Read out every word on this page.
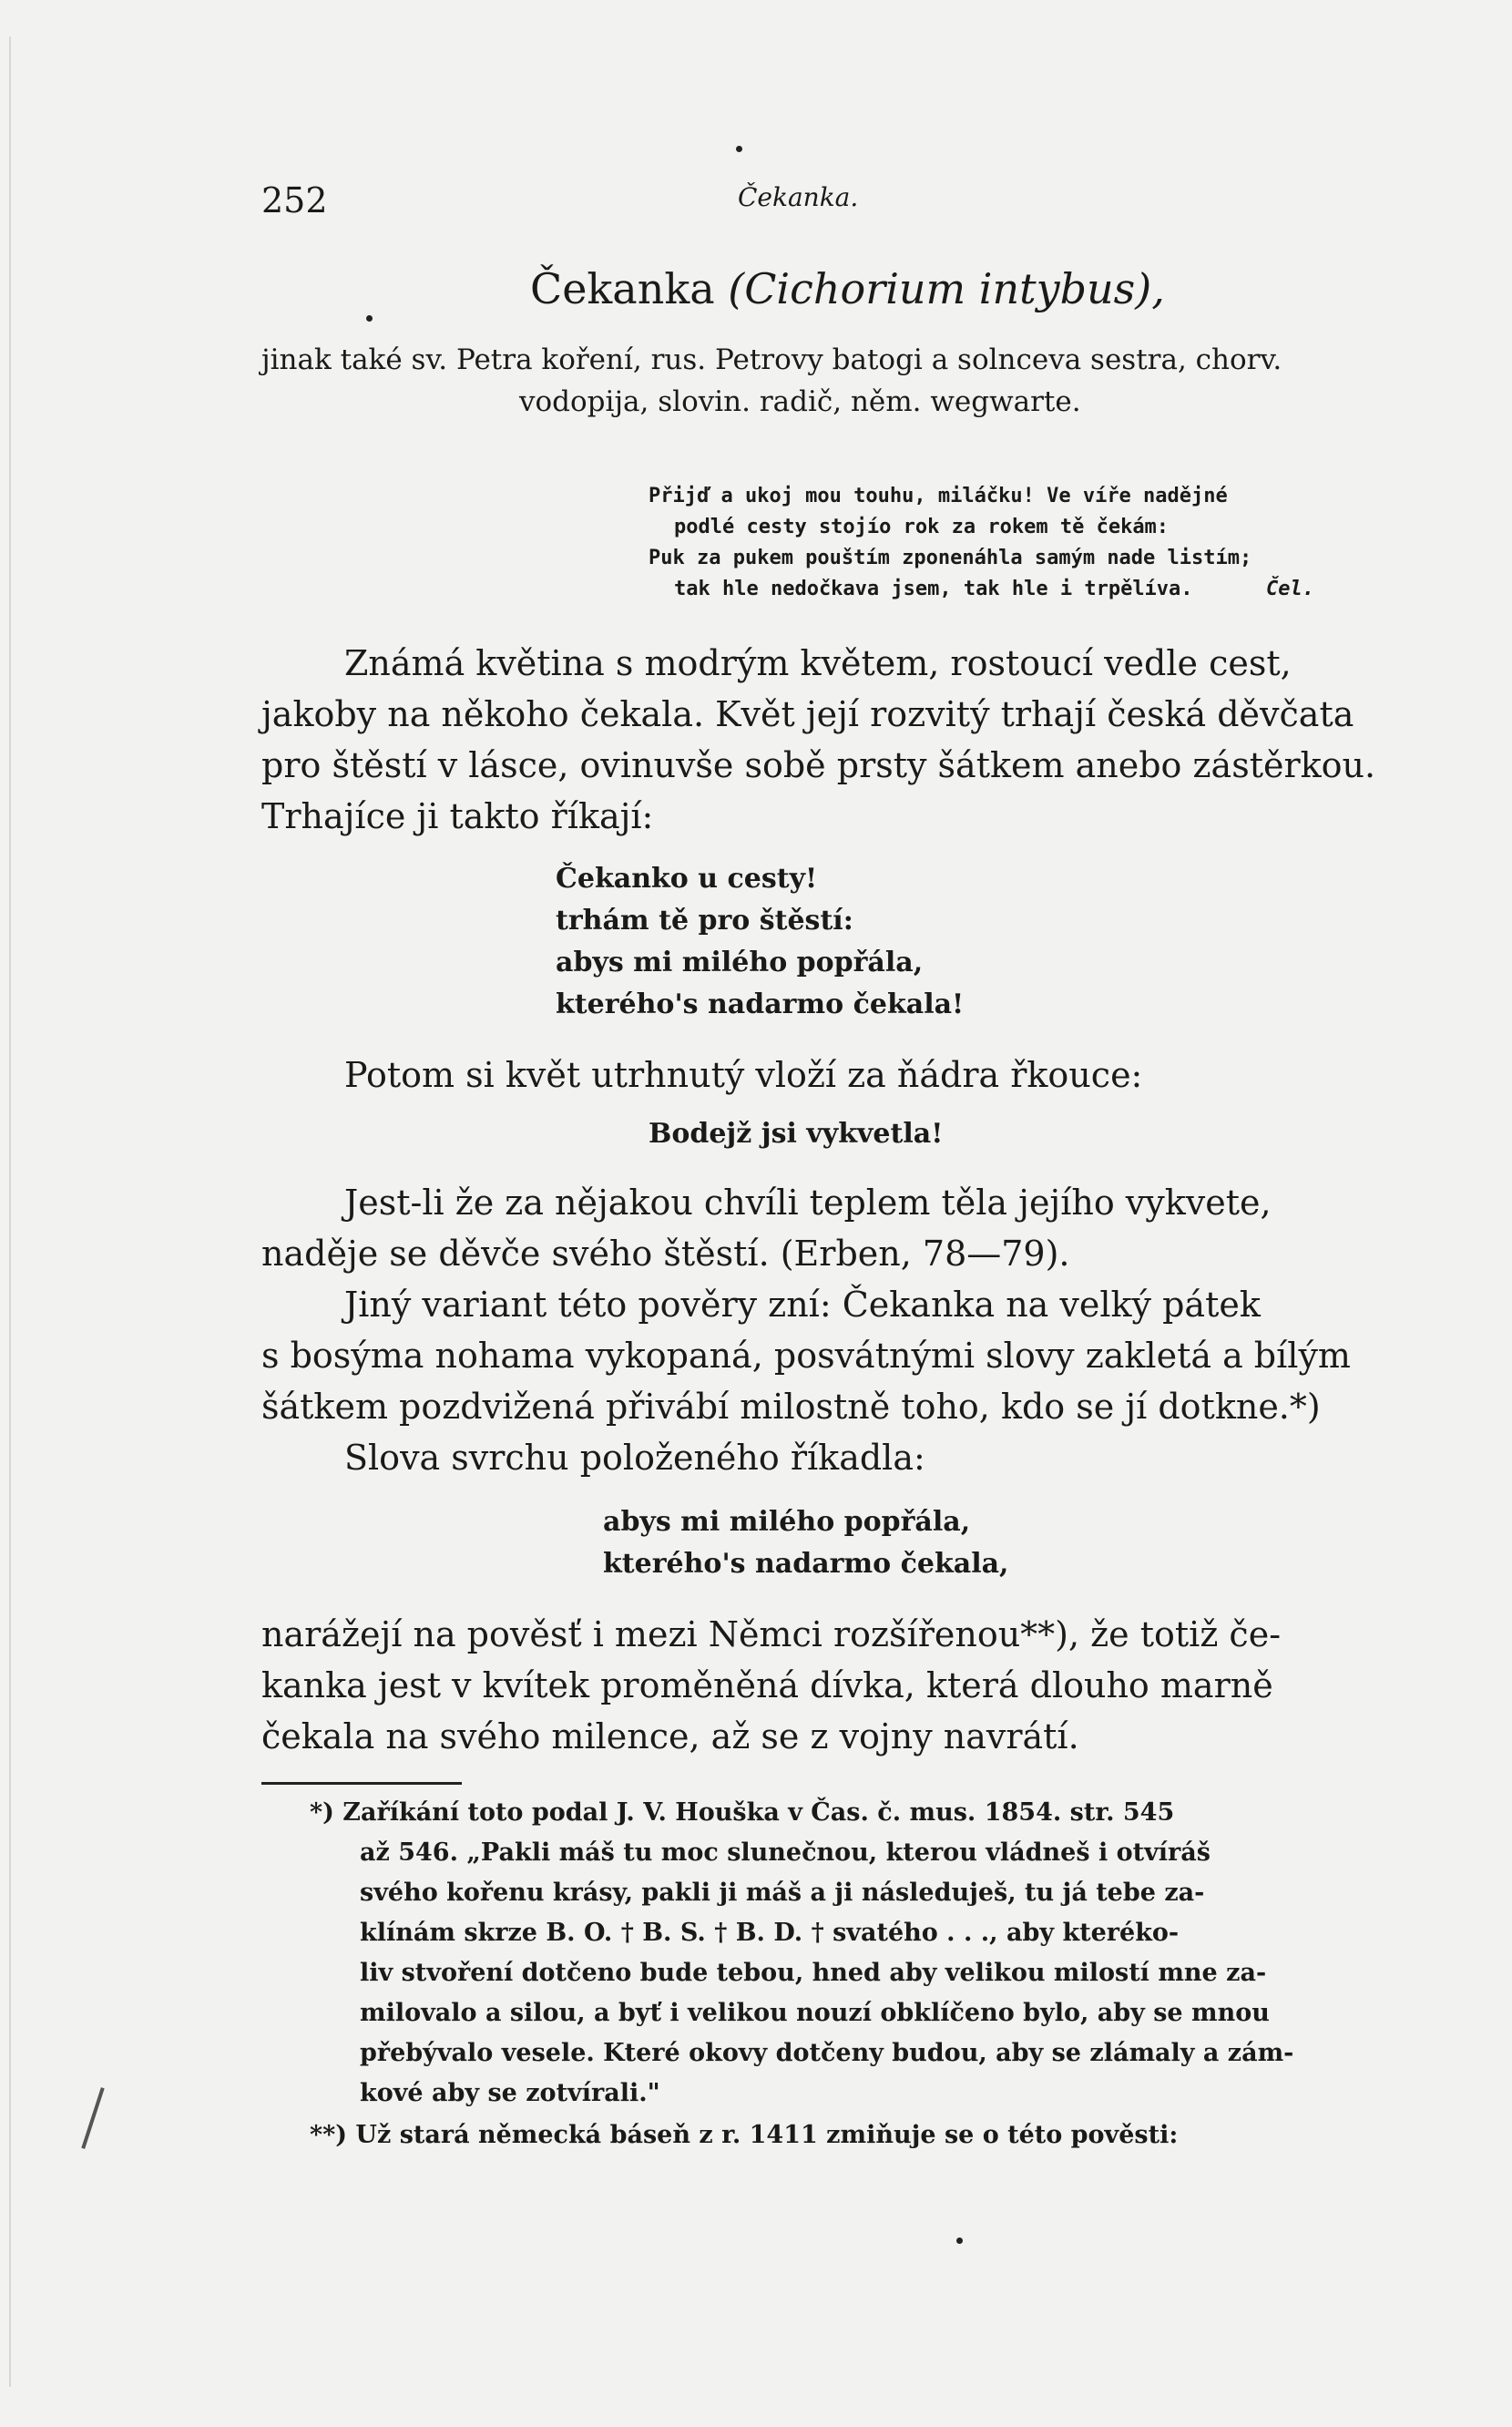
252	Čekanka.
Čekanka (Cichorium intybus),
jinak také sv. Petra koření, rus. Petrovy batogi a solnceva sestra, chorv.
vodopija, slovin. radič, něm. wegwarte.
Přijď a ukoj mou touhu, miláčku! Ve víře nadějné
podlé cesty stojío rok za rokem tě čekám:
Puk za pukem pouštím zponenáhla samým nade listím;
tak hle nedočkava jsem, tak hle i trpělíva.	Čel.
Známá květina s modrým květem, rostoucí vedle cest,
jakoby na někoho čekala. Květ její rozvitý trhají česká děvčata
pro štěstí v lásce, ovinuvše sobě prsty šátkem anebo zástěrkou.
Trhajíce ji takto říkají:
Čekanko u cesty!
trhám tě pro štěstí:
abys mi milého popřála,
kterého's nadarmo čekala!
Potom si květ utrhnutý vloží za ňádra řkouce:
Bodejž jsi vykvetla!
Jest-li že za nějakou chvíli teplem těla jejího vykvete,
naděje se děvče svého štěstí. (Erben, 78—79).
Jiný variant této pověry zní: Čekanka na velký pátek
s bosýma nohama vykopaná, posvátnými slovy zakletá a bílým
šátkem pozdvižená přivábí milostně toho, kdo se jí dotkne.*)
Slova svrchu položeného říkadla:
abys mi milého popřála,
kterého's nadarmo čekala,
narážejí na pověsť i mezi Němci rozšířenou**), že totiž če-
kanka jest v kvítek proměněná dívka, která dlouho marně
čekala na svého milence, až se z vojny navrátí.
*) Zaříkání toto podal J. V. Houška v Čas. č. mus. 1854. str. 545
až 546. „Pakli máš tu moc slunečnou, kterou vládneš i otvíráš
svého kořenu krásy, pakli ji máš a ji následuješ, tu já tebe za-
klínám skrze B. O. † B. S. † B. D. † svatého . . ., aby kteréko-
liv stvoření dotčeno bude tebou, hned aby velikou milostí mne za-
milovalo a silou, a byť i velikou nouzí obklíčeno bylo, aby se mnou
přebývalo vesele. Které okovy dotčeny budou, aby se zlámaly a zám-
kové aby se zotvírali."
**) Už stará německá báseň z r. 1411 zmiňuje se o této pověsti:
